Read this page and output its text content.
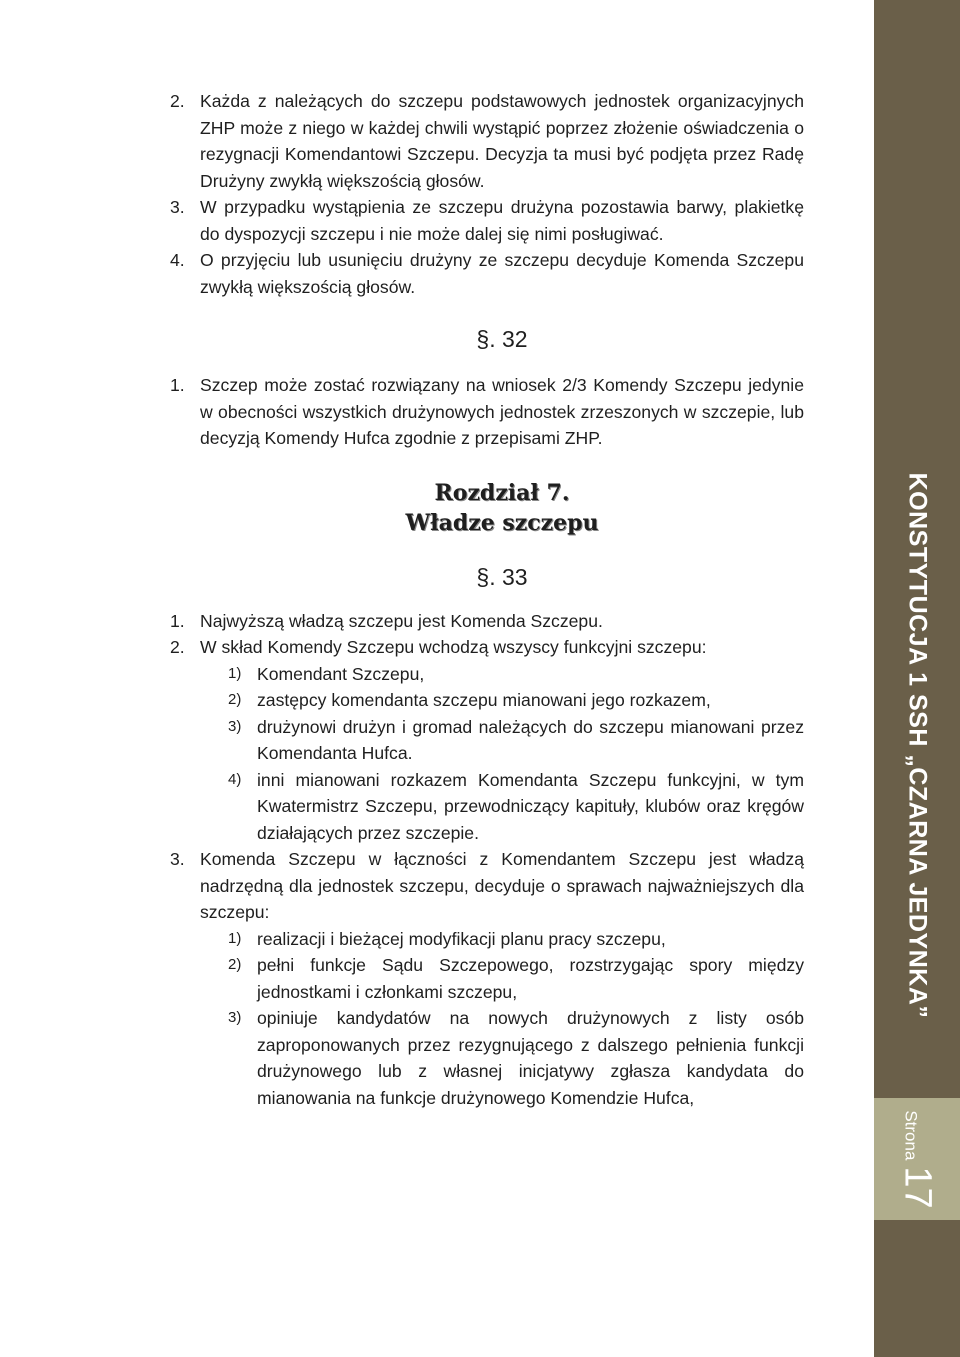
KONSTYTUCJA 1 SSH „CZARNA JEDYNKA”
Strona
17
2. Każda z należących do szczepu podstawowych jednostek organizacyjnych ZHP może z niego w każdej chwili wystąpić poprzez złożenie oświadczenia o rezygnacji Komendantowi Szczepu. Decyzja ta musi być podjęta przez Radę Drużyny zwykłą większością głosów.
3. W przypadku wystąpienia ze szczepu drużyna pozostawia barwy, plakietkę do dyspozycji szczepu i nie może dalej się nimi posługiwać.
4. O przyjęciu lub usunięciu drużyny ze szczepu decyduje Komenda Szczepu zwykłą większością głosów.
§. 32
1. Szczep może zostać rozwiązany na wniosek 2/3 Komendy Szczepu jedynie w obecności wszystkich drużynowych jednostek zrzeszonych w szczepie, lub decyzją Komendy Hufca zgodnie z przepisami ZHP.
Rozdział 7.
Władze szczepu
§. 33
1. Najwyższą władzą szczepu jest Komenda Szczepu.
2. W skład Komendy Szczepu wchodzą wszyscy funkcyjni szczepu:
1) Komendant Szczepu,
2) zastępcy komendanta szczepu mianowani jego rozkazem,
3) drużynowi drużyn i gromad należących do szczepu mianowani przez Komendanta Hufca.
4) inni mianowani rozkazem Komendanta Szczepu funkcyjni, w tym Kwatermistrz Szczepu, przewodniczący kapituły, klubów oraz kręgów działających przez szczepie.
3. Komenda Szczepu w łączności z Komendantem Szczepu jest władzą nadrzędną dla jednostek szczepu, decyduje o sprawach najważniejszych dla szczepu:
1) realizacji i bieżącej modyfikacji planu pracy szczepu,
2) pełni funkcje Sądu Szczepowego, rozstrzygając spory między jednostkami i członkami szczepu,
3) opiniuje kandydatów na nowych drużynowych z listy osób zaproponowanych przez rezygnującego z dalszego pełnienia funkcji drużynowego lub z własnej inicjatywy zgłasza kandydata do mianowania na funkcje drużynowego Komendzie Hufca,
